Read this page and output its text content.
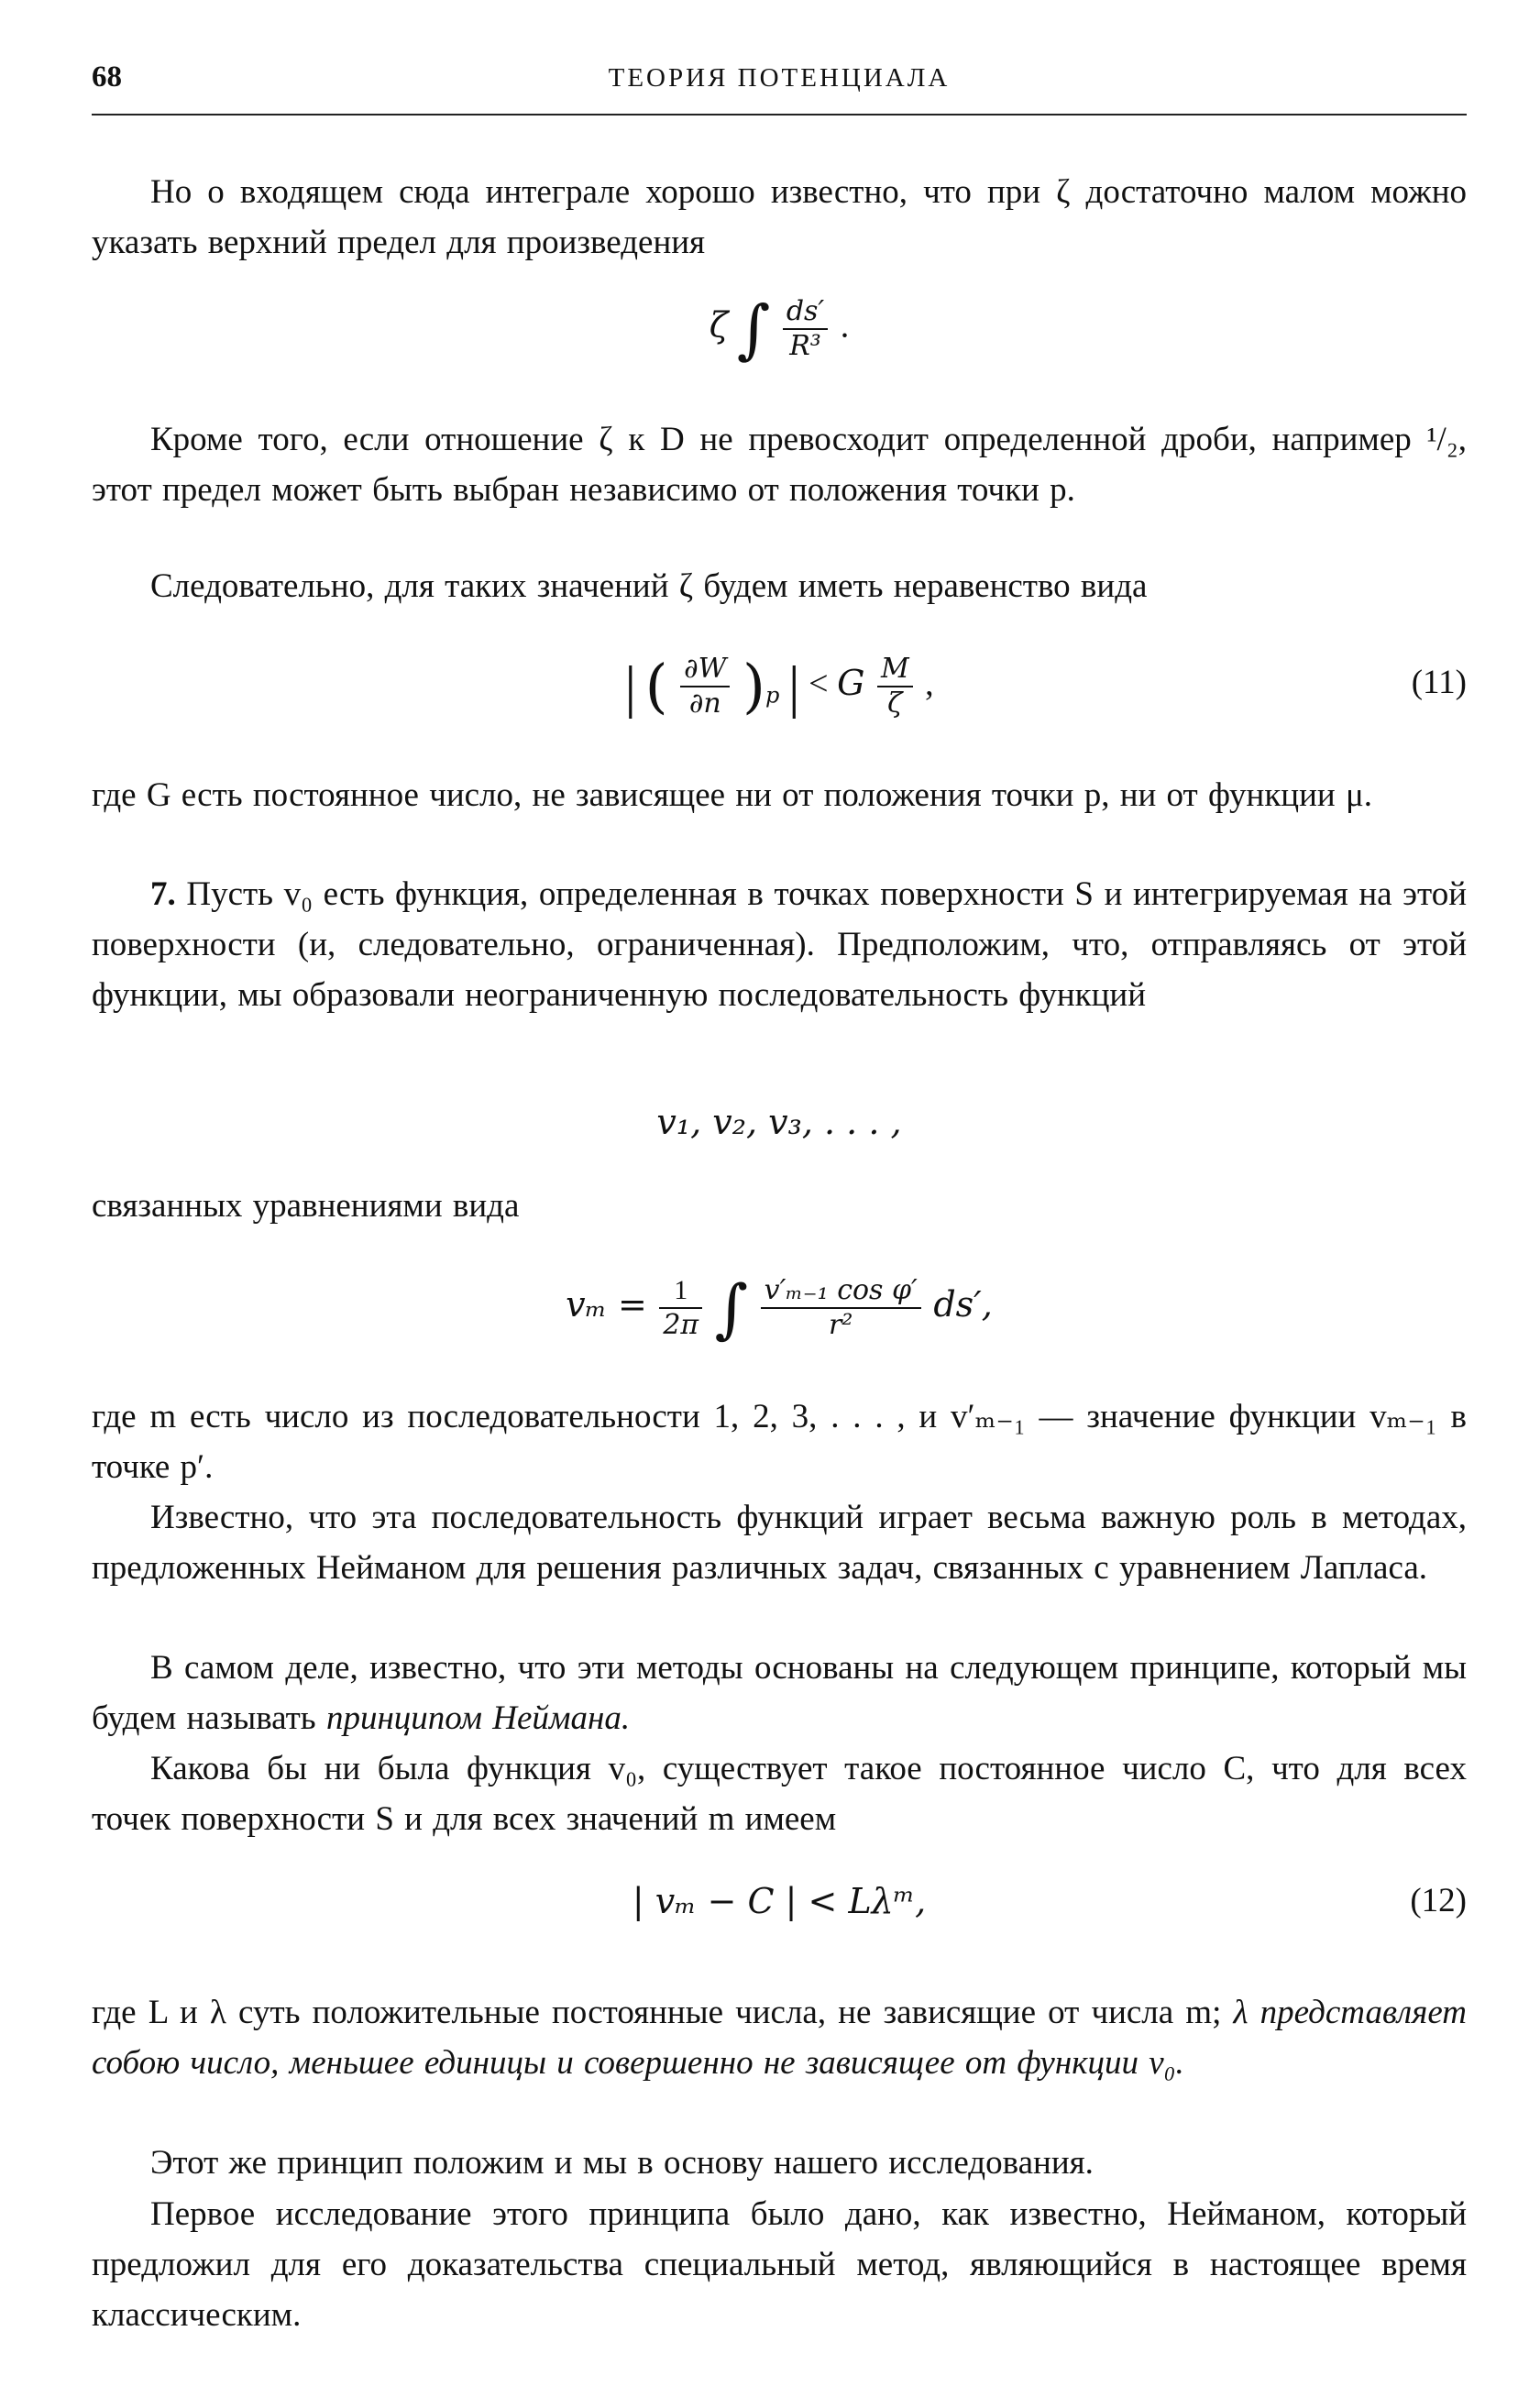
68	ТЕОРИЯ ПОТЕНЦИАЛА
Но о входящем сюда интеграле хорошо известно, что при ζ достаточно малом можно указать верхний предел для произведения
ζ ∫ $\frac{ds'}{\text{R³}}$ .
Кроме того, если отношение ζ к D не превосходит определенной дроби, например ¹/₂, этот предел может быть выбран независимо от положения точки p.
Следовательно, для таких значений ζ будем иметь неравенство вида
| ( $\frac{\partial W}{\partial n} )_p$ | < G $\frac{M}{\zeta}$ ,	(11)
где G есть постоянное число, не зависящее ни от положения точки p, ни от функции μ.
7. Пусть v₀ есть функция, определенная в точках поверхности S и интегрируемая на этой поверхности (и, следовательно, ограниченная). Предположим, что, отправляясь от этой функции, мы образовали неограниченную последовательность функций
v₁, v₂, v₃, . . . ,
связанных уравнениями вида
$v_m = \frac{1}{2\pi}$ ∫ $\frac{\text{v′ₘ₋₁ cos φ′}}{\text{r²}} ds'$,
где m есть число из последовательности 1, 2, 3, . . . , и v′ₘ₋₁ — значение функции vₘ₋₁ в точке p′.
Известно, что эта последовательность функций играет весьма важную роль в методах, предложенных Нейманом для решения различных задач, связанных с уравнением Лапласа.
В самом деле, известно, что эти методы основаны на следующем принципе, который мы будем называть принципом Неймана.
Какова бы ни была функция v₀, существует такое постоянное число C, что для всех точек поверхности S и для всех значений m имеем
| vₘ − C | < Lλᵐ,	(12)
где L и λ суть положительные постоянные числа, не зависящие от числа m; λ представляет собою число, меньшее единицы и совершенно не зависящее от функции v₀.
Этот же принцип положим и мы в основу нашего исследования.
Первое исследование этого принципа было дано, как известно, Нейманом, который предложил для его доказательства специальный метод, являющийся в настоящее время классическим.
